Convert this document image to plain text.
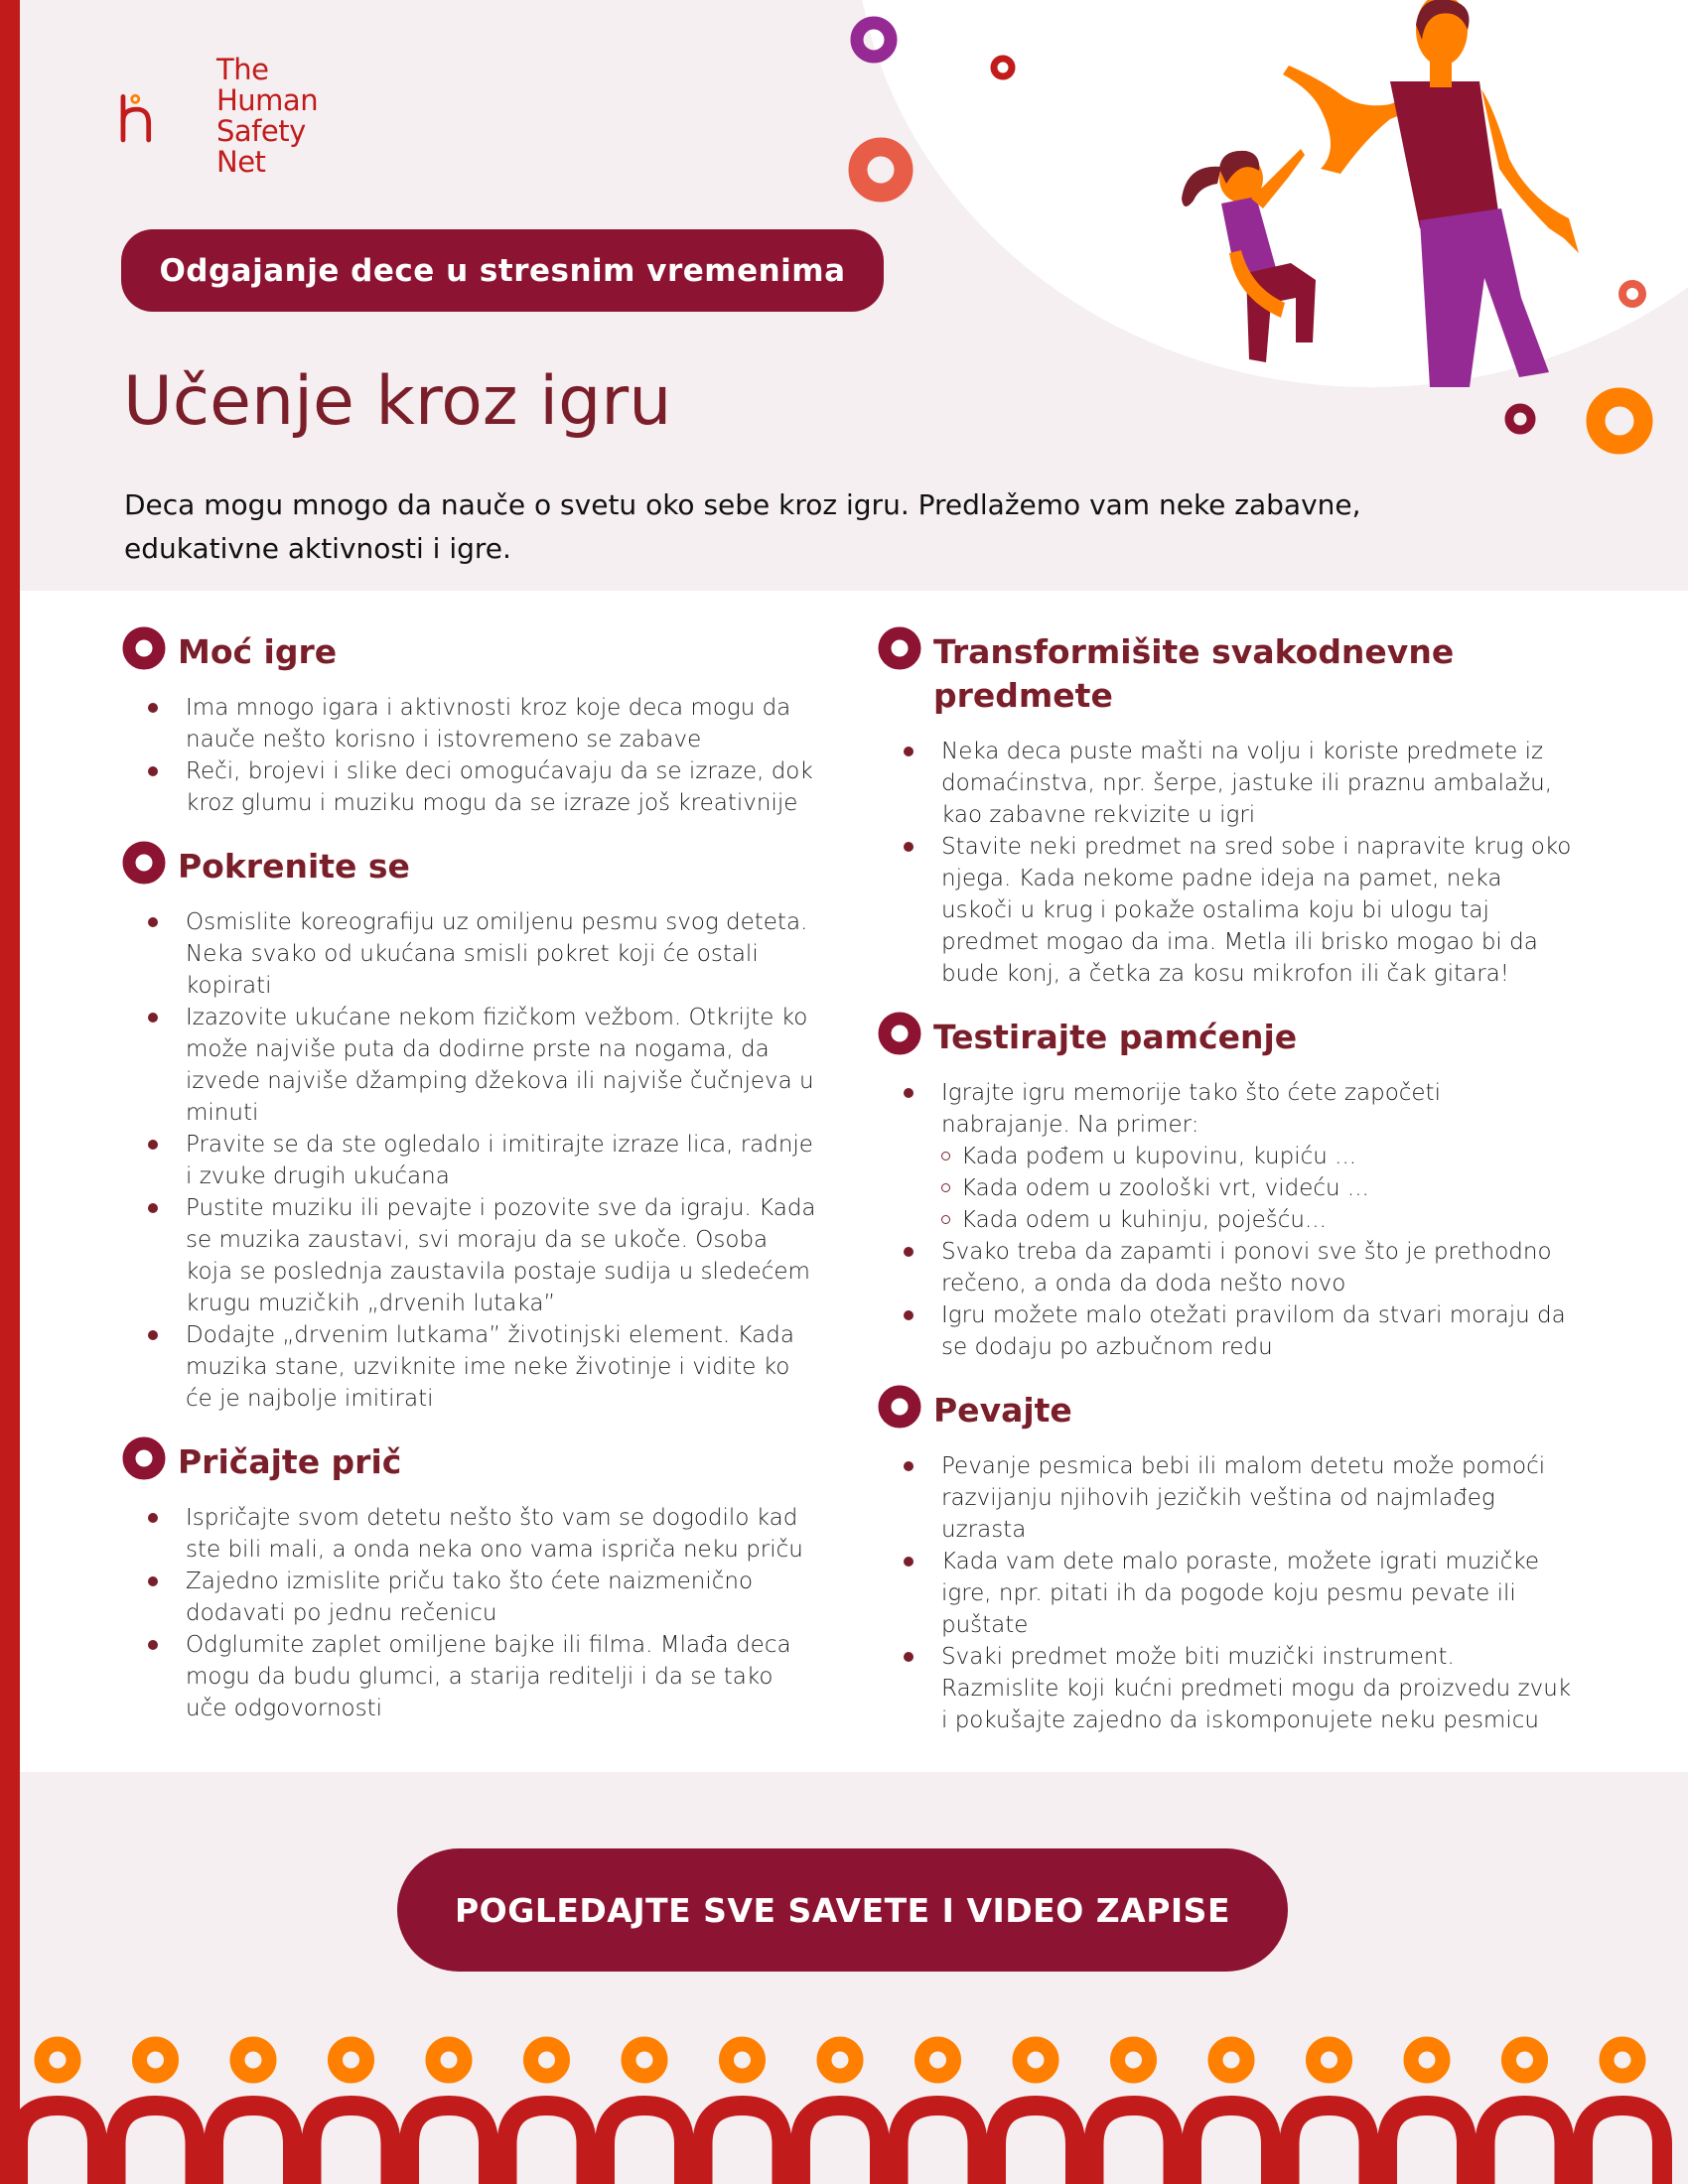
The
Human
Safety
Net
Odgajanje dece u stresnim vremenima
Učenje kroz igru
Deca mogu mnogo da nauče o svetu oko sebe kroz igru. Predlažemo vam neke zabavne, edukativne aktivnosti i igre.
Moć igre
Ima mnogo igara i aktivnosti kroz koje deca mogu da nauče nešto korisno i istovremeno se zabave
Reči, brojevi i slike deci omogućavaju da se izraze, dok kroz glumu i muziku mogu da se izraze još kreativnije
Pokrenite se
Osmislite koreografiju uz omiljenu pesmu svog deteta. Neka svako od ukućana smisli pokret koji će ostali kopirati
Izazovite ukućane nekom fizičkom vežbom. Otkrijte ko može najviše puta da dodirne prste na nogama, da izvede najviše džamping džekova ili najviše čučnjeva u minuti
Pravite se da ste ogledalo i imitirajte izraze lica, radnje i zvuke drugih ukućana
Pustite muziku ili pevajte i pozovite sve da igraju. Kada se muzika zaustavi, svi moraju da se ukoče. Osoba koja se poslednja zaustavila postaje sudija u sledećem krugu muzičkih „drvenih lutaka”
Dodajte „drvenim lutkama” životinjski element. Kada muzika stane, uzviknite ime neke životinje i vidite ko će je najbolje imitirati
Pričajte prič
Ispričajte svom detetu nešto što vam se dogodilo kad ste bili mali, a onda neka ono vama ispriča neku priču
Zajedno izmislite priču tako što ćete naizmenično dodavati po jednu rečenicu
Odglumite zaplet omiljene bajke ili filma. Mlađa deca mogu da budu glumci, a starija reditelji i da se tako uče odgovornosti
Transformišite svakodnevne predmete
Neka deca puste mašti na volju i koriste predmete iz domaćinstva, npr. šerpe, jastuke ili praznu ambalažu, kao zabavne rekvizite u igri
Stavite neki predmet na sred sobe i napravite krug oko njega. Kada nekome padne ideja na pamet, neka uskoči u krug i pokaže ostalima koju bi ulogu taj predmet mogao da ima. Metla ili brisko mogao bi da bude konj, a četka za kosu mikrofon ili čak gitara!
Testirajte pamćenje
Igrajte igru memorije tako što ćete započeti nabrajanje. Na primer:
Kada pođem u kupovinu, kupiću ...
Kada odem u zoološki vrt, videću ...
Kada odem u kuhinju, poješću...
Svako treba da zapamti i ponovi sve što je prethodno rečeno, a onda da doda nešto novo
Igru možete malo otežati pravilom da stvari moraju da se dodaju po azbučnom redu
Pevajte
Pevanje pesmica bebi ili malom detetu može pomoći razvijanju njihovih jezičkih veština od najmlađeg uzrasta
Kada vam dete malo poraste, možete igrati muzičke igre, npr. pitati ih da pogode koju pesmu pevate ili puštate
Svaki predmet može biti muzički instrument. Razmislite koji kućni predmeti mogu da proizvedu zvuk i pokušajte zajedno da iskomponujete neku pesmicu
POGLEDAJTE SVE SAVETE I VIDEO ZAPISE
